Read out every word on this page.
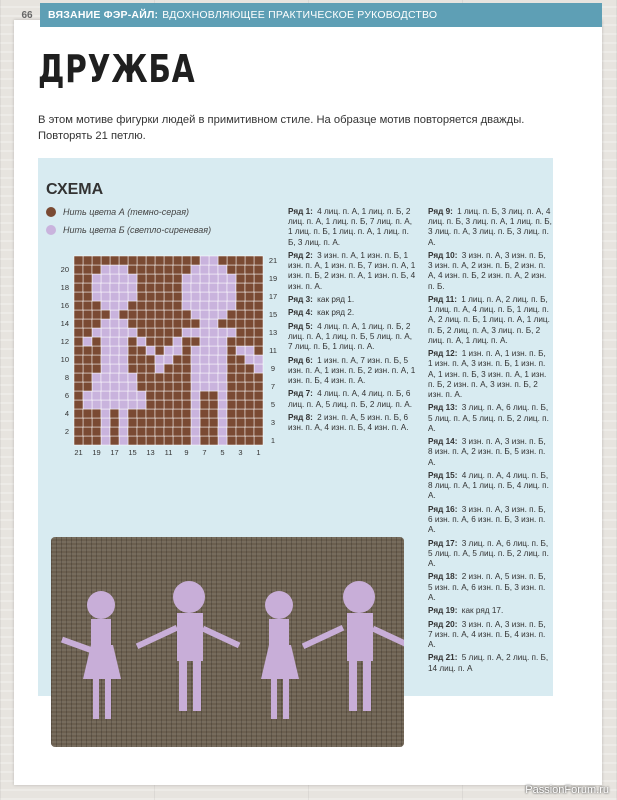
66	ВЯЗАНИЕ ФЭР-АЙЛ: ВДОХНОВЛЯЮЩЕЕ ПРАКТИЧЕСКОЕ РУКОВОДСТВО
ДРУЖБА
В этом мотиве фигурки людей в примитивном стиле. На образце мотив повторяется дважды. Повторять 21 петлю.
СХЕМА
Нить цвета А (темно-серая)
Нить цвета Б (светло-сиреневая)
20
18
16
14
12
10
8
6
4
2
21
19
17
15
13
11
9
7
5
3
1
21 19 17 15 13 11 9 7 5 3 1

Ряд 1: 4 лиц. п. А, 1 лиц. п. Б, 2 лиц. п. А, 1 лиц. п. Б, 7 лиц. п. А, 1 лиц. п. Б, 1 лиц. п. А, 1 лиц. п. Б, 3 лиц. п. А.

Ряд 2: 3 изн. п. А, 1 изн. п. Б, 1 изн. п. А, 1 изн. п. Б, 7 изн. п. А, 1 изн. п. Б, 2 изн. п. А, 1 изн. п. Б, 4 изн. п. А.

Ряд 3: как ряд 1.

Ряд 4: как ряд 2.

Ряд 5: 4 лиц. п. А, 1 лиц. п. Б, 2 лиц. п. А, 1 лиц. п. Б, 5 лиц. п. А, 7 лиц. п. Б, 1 лиц. п. А.

Ряд 6: 1 изн. п. А, 7 изн. п. Б, 5 изн. п. А, 1 изн. п. Б, 2 изн. п. А, 1 изн. п. Б, 4 изн. п. А.

Ряд 7: 4 лиц. п. А, 4 лиц. п. Б, 6 лиц. п. А, 5 лиц. п. Б, 2 лиц. п. А.

Ряд 8: 2 изн. п. А, 5 изн. п. Б, 6 изн. п. А, 4 изн. п. Б, 4 изн. п. А.

Ряд 9: 1 лиц. п. Б, 3 лиц. п. А, 4 лиц. п. Б, 3 лиц. п. А, 1 лиц. п. Б, 3 лиц. п. А, 3 лиц. п. Б, 3 лиц. п. А.

Ряд 10: 3 изн. п. А, 3 изн. п. Б, 3 изн. п. А, 2 изн. п. Б, 2 изн. п. А, 4 изн. п. Б, 2 изн. п. А, 2 изн. п. Б.

Ряд 11: 1 лиц. п. А, 2 лиц. п. Б, 1 лиц. п. А, 4 лиц. п. Б, 1 лиц. п. А, 2 лиц. п. Б, 1 лиц. п. А, 1 лиц. п. Б, 2 лиц. п. А, 3 лиц. п. Б, 2 лиц. п. А, 1 лиц. п. А.

Ряд 12: 1 изн. п. А, 1 изн. п. Б, 1 изн. п. А, 3 изн. п. Б, 1 изн. п. А, 1 изн. п. Б, 3 изн. п. А, 1 изн. п. Б, 2 изн. п. А, 3 изн. п. Б, 2 изн. п. А.

Ряд 13: 3 лиц. п. А, 6 лиц. п. Б, 5 лиц. п. А, 5 лиц. п. Б, 2 лиц. п. А.

Ряд 14: 3 изн. п. А, 3 изн. п. Б, 8 изн. п. А, 2 изн. п. Б, 5 изн. п. А.

Ряд 15: 4 лиц. п. А, 4 лиц. п. Б, 8 лиц. п. А, 1 лиц. п. Б, 4 лиц. п. А.

Ряд 16: 3 изн. п. А, 3 изн. п. Б, 6 изн. п. А, 6 изн. п. Б, 3 изн. п. А.

Ряд 17: 3 лиц. п. А, 6 лиц. п. Б, 5 лиц. п. А, 5 лиц. п. Б, 2 лиц. п. А.

Ряд 18: 2 изн. п. А, 5 изн. п. Б, 5 изн. п. А, 6 изн. п. Б, 3 изн. п. А.

Ряд 19: как ряд 17.

Ряд 20: 3 изн. п. А, 3 изн. п. Б, 7 изн. п. А, 4 изн. п. Б, 4 изн. п. А.

Ряд 21: 5 лиц. п. А, 2 лиц. п. Б, 14 лиц. п. А

PassionForum.ru
